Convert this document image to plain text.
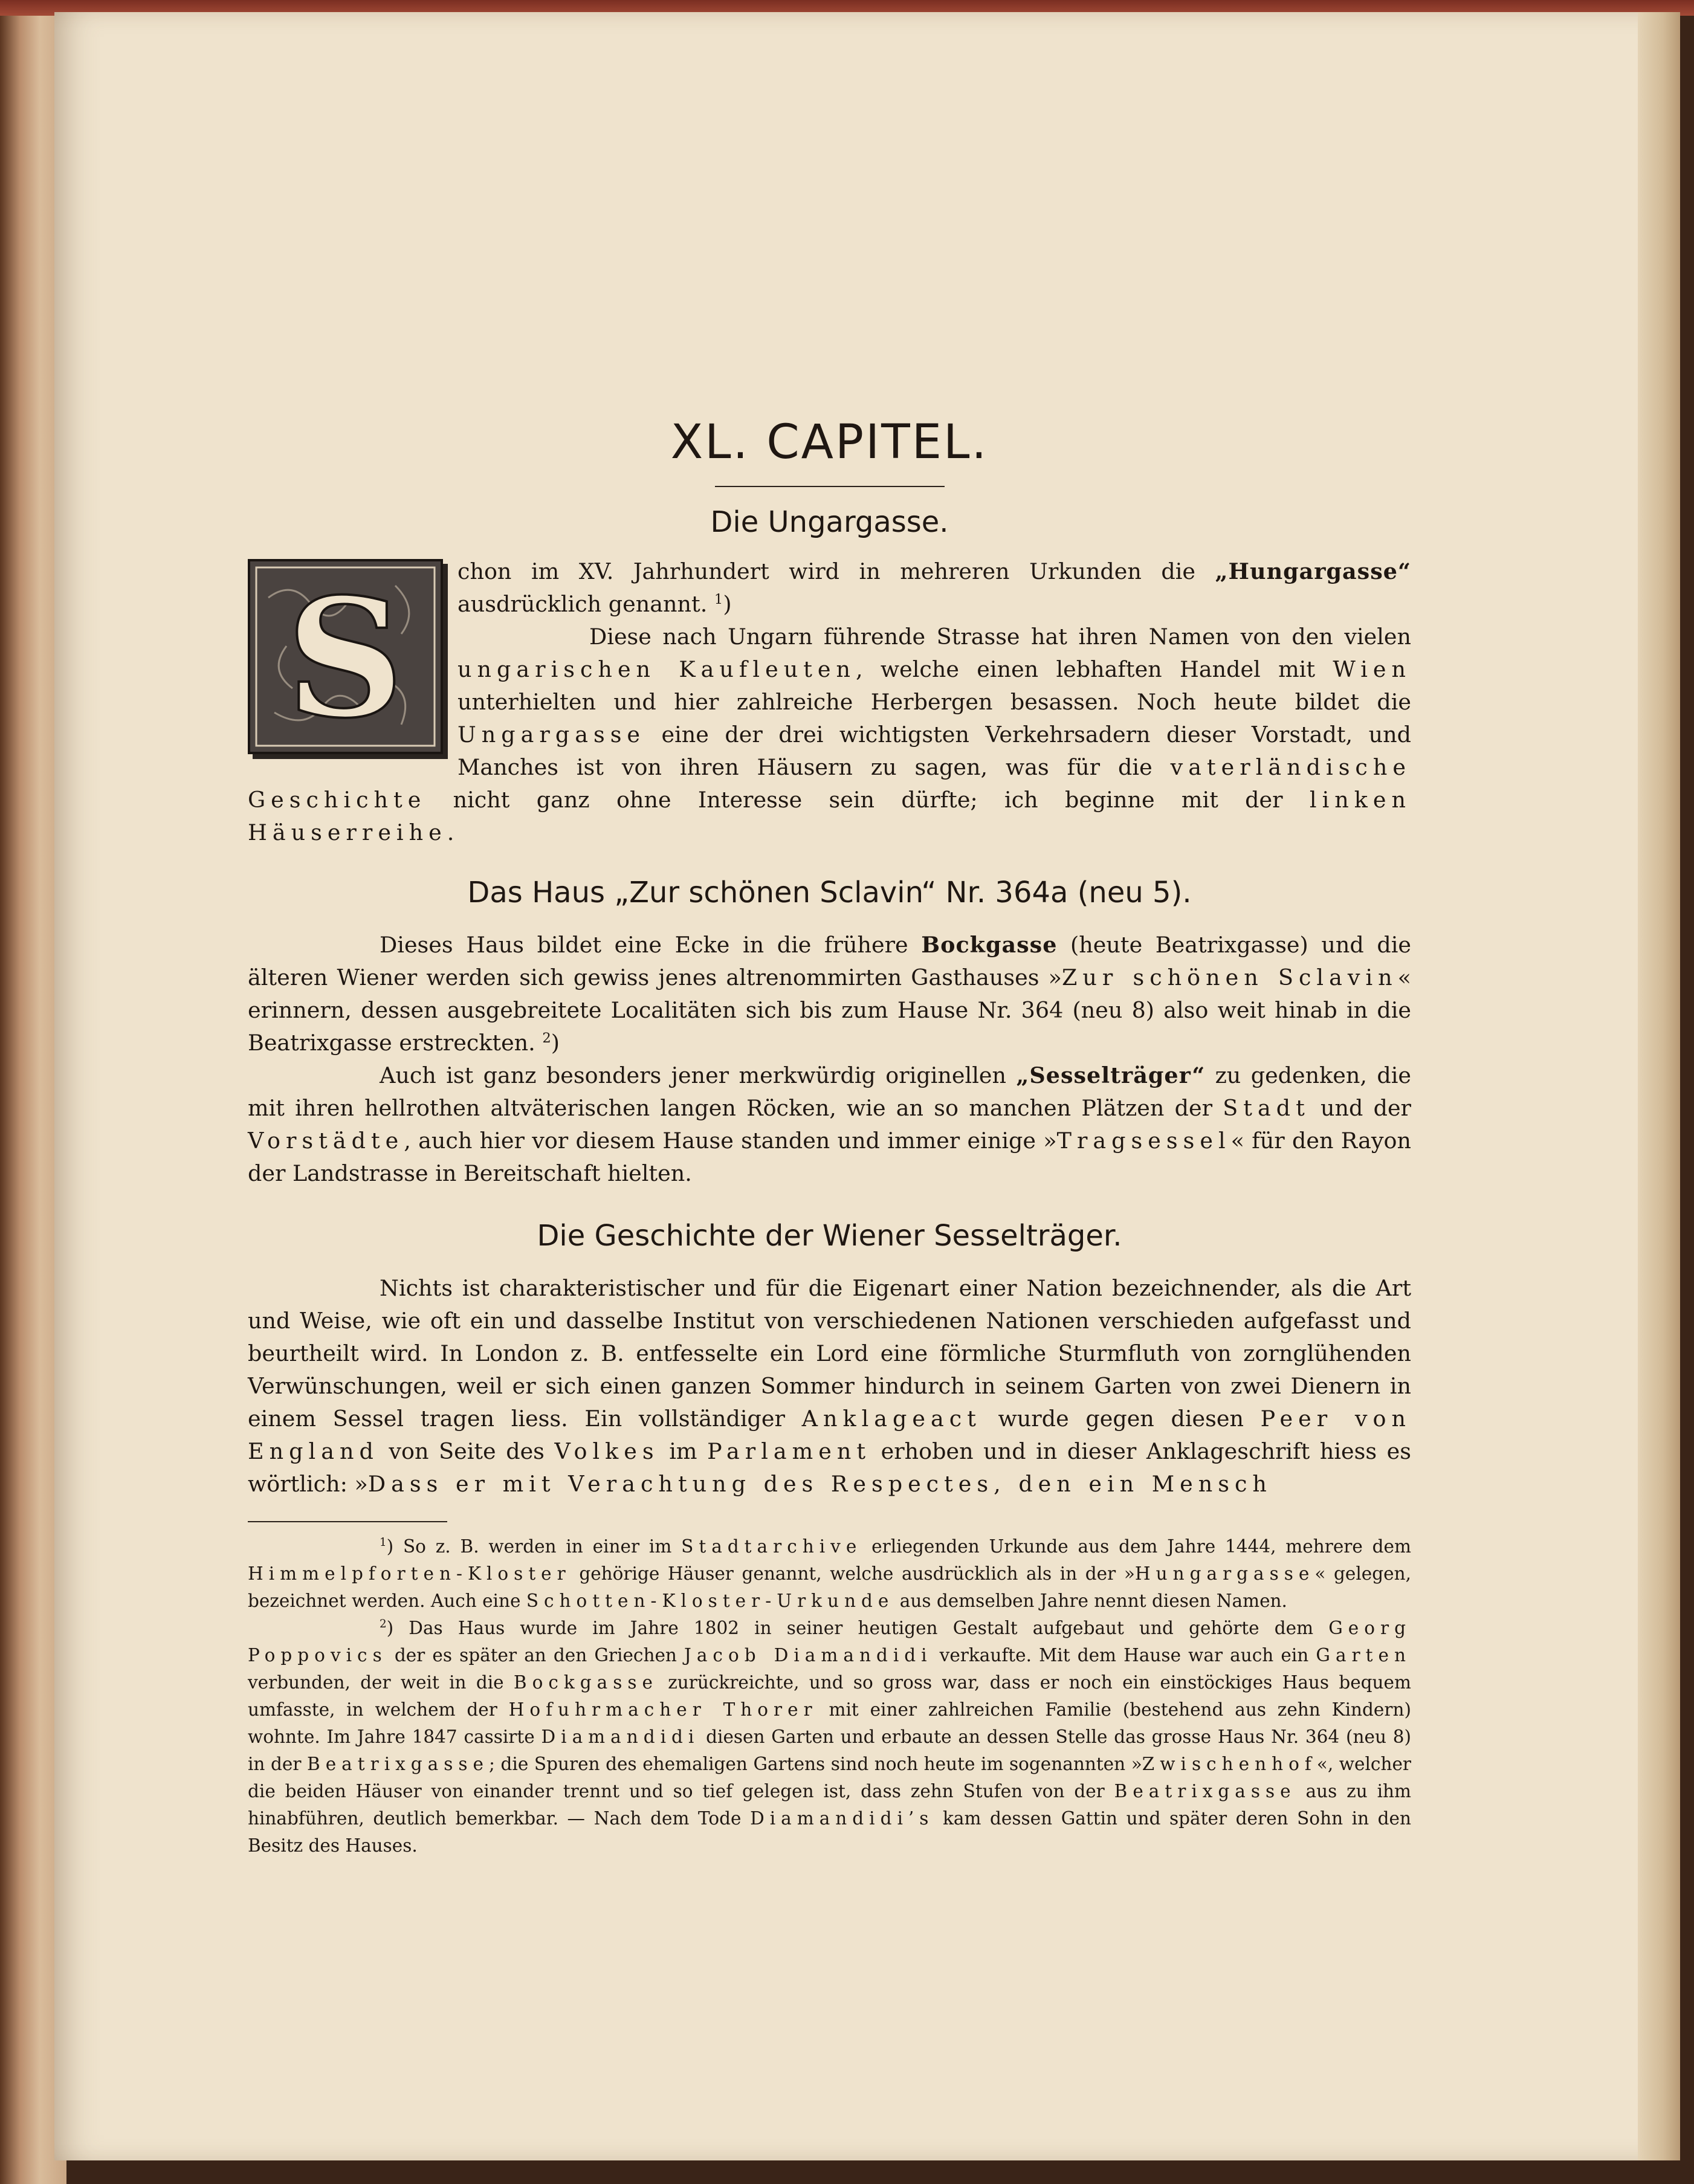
XL. CAPITEL.
Die Ungargasse.
S	chon im XV. Jahrhundert wird in mehreren Urkunden die „Hungargasse“ ausdrücklich genannt. $^1$)

Diese nach Ungarn führende Strasse hat ihren Namen von den vielen ungarischen Kaufleuten, welche einen lebhaften Handel mit Wien unterhielten und hier zahlreiche Herbergen besassen. Noch heute bildet die Ungargasse eine der drei wichtigsten Verkehrsadern dieser Vorstadt, und Manches ist von ihren Häusern zu sagen, was für die vaterländische Geschichte nicht ganz ohne Interesse sein dürfte; ich beginne mit der linken Häuserreihe.

Das Haus „Zur schönen Sclavin“ Nr. 364a (neu 5).

Dieses Haus bildet eine Ecke in die frühere Bockgasse (heute Beatrixgasse) und die älteren Wiener werden sich gewiss jenes altrenommirten Gasthauses »Zur schönen Sclavin« erinnern, dessen ausgebreitete Localitäten sich bis zum Hause Nr. 364 (neu 8) also weit hinab in die Beatrixgasse erstreckten. $^2$)

Auch ist ganz besonders jener merkwürdig originellen „Sesselträger“ zu gedenken, die mit ihren hellrothen altväterischen langen Röcken, wie an so manchen Plätzen der Stadt und der Vorstädte, auch hier vor diesem Hause standen und immer einige »Tragsessel« für den Rayon der Landstrasse in Bereitschaft hielten.

Die Geschichte der Wiener Sesselträger.

Nichts ist charakteristischer und für die Eigenart einer Nation bezeichnender, als die Art und Weise, wie oft ein und dasselbe Institut von verschiedenen Nationen verschieden aufgefasst und beurtheilt wird. In London z. B. entfesselte ein Lord eine förmliche Sturmfluth von zornglühenden Verwünschungen, weil er sich einen ganzen Sommer hindurch in seinem Garten von zwei Dienern in einem Sessel tragen liess. Ein vollständiger Anklageact wurde gegen diesen Peer von England von Seite des Volkes im Parlament erhoben und in dieser Anklageschrift hiess es wörtlich: »Dass er mit Verachtung des Respectes, den ein Mensch

$^1$) So z. B. werden in einer im Stadtarchive erliegenden Urkunde aus dem Jahre 1444, mehrere dem Himmelpforten-Kloster gehörige Häuser genannt, welche ausdrücklich als in der »Hungargasse« gelegen, bezeichnet werden. Auch eine Schotten-Kloster-Urkunde aus demselben Jahre nennt diesen Namen.

$^2$) Das Haus wurde im Jahre 1802 in seiner heutigen Gestalt aufgebaut und gehörte dem Georg Poppovics der es später an den Griechen Jacob Diamandidi verkaufte. Mit dem Hause war auch ein Garten verbunden, der weit in die Bockgasse zurückreichte, und so gross war, dass er noch ein einstöckiges Haus bequem umfasste, in welchem der Hofuhrmacher Thorer mit einer zahlreichen Familie (bestehend aus zehn Kindern) wohnte. Im Jahre 1847 cassirte Diamandidi diesen Garten und erbaute an dessen Stelle das grosse Haus Nr. 364 (neu 8) in der Beatrixgasse; die Spuren des ehemaligen Gartens sind noch heute im sogenannten »Zwischenhof«, welcher die beiden Häuser von einander trennt und so tief gelegen ist, dass zehn Stufen von der Beatrixgasse aus zu ihm hinabführen, deutlich bemerkbar. — Nach dem Tode Diamandidi’s kam dessen Gattin und später deren Sohn in den Besitz des Hauses.
